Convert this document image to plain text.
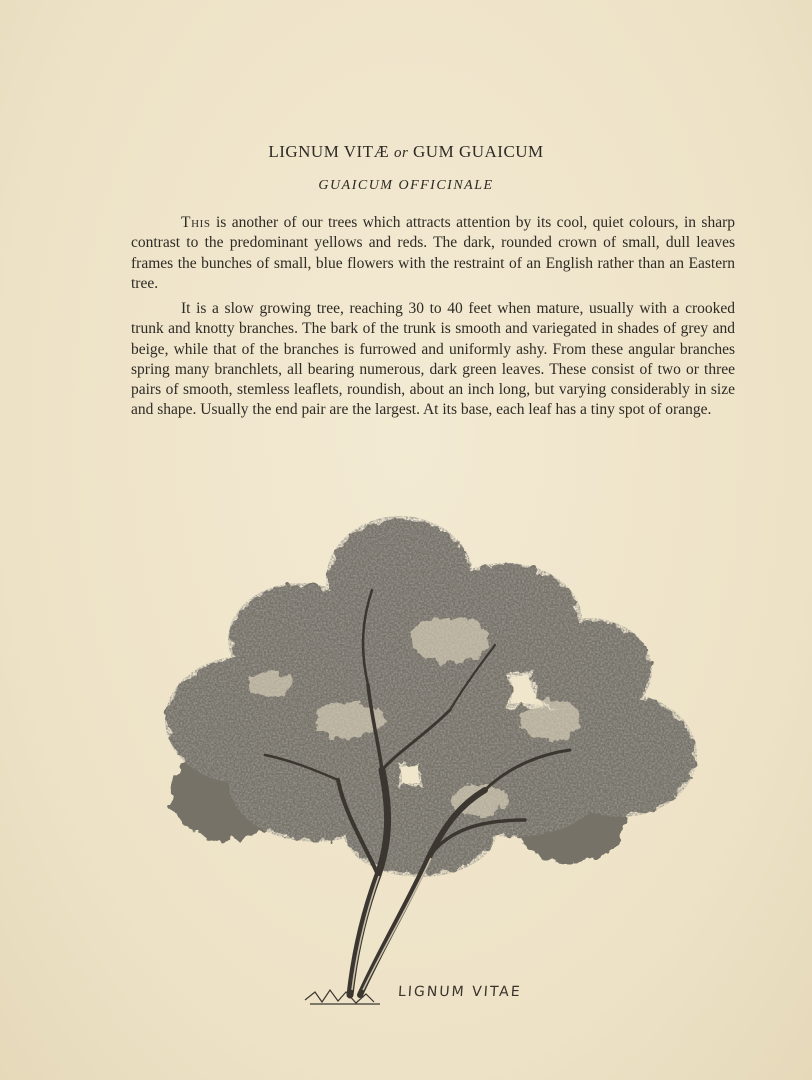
LIGNUM VITÆ or GUM GUAICUM
GUAICUM OFFICINALE

This is another of our trees which attracts attention by its cool, quiet colours, in sharp contrast to the predominant yellows and reds. The dark, rounded crown of small, dull leaves frames the bunches of small, blue flowers with the restraint of an English rather than an Eastern tree.

It is a slow growing tree, reaching 30 to 40 feet when mature, usually with a crooked trunk and knotty branches. The bark of the trunk is smooth and variegated in shades of grey and beige, while that of the branches is furrowed and uniformly ashy. From these angular branches spring many branchlets, all bearing numerous, dark green leaves. These consist of two or three pairs of smooth, stemless leaflets, roundish, about an inch long, but varying considerably in size and shape. Usually the end pair are the largest. At its base, each leaf has a tiny spot of orange.

LIGNUM VITAE
